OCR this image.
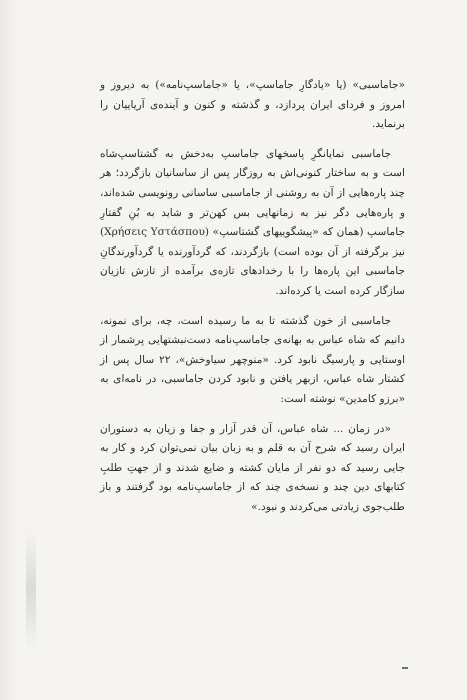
«جاماسبی» (یا «یادگارِ جاماسپ»، یا «جاماسپ‌نامه») به دیروز و امروز و فردای ایران پردازد، و گذشته و کنون و آینده‌ی آریاییان را برنماید.

جاماسبی نمایانگرِ پاسخهای جاماسپ به‌دخش به گشتاسپ‌شاه است و به ساختار کنونی‌اش به روزگار پس از ساسانیان بازگردد؛ هر چند پاره‌هایی از آن به روشنی از جاماسبی ساسانی رونویسی شده‌اند، و پاره‌هایی دگر نیز به زمانهایی بس کهن‌تر و شاید به بُنِ گفتارِ جاماسپ (همان که «پیشگوییهای گشتاسپ» (Χρήσεις Υστάσπου) نیز برگرفته از آن بوده است) بازگردند، که گردآورنده یا گردآورندگانِ جاماسبی این پاره‌ها را با رخدادهای تازه‌ی برآمده از تازش تازیان سازگار کرده است یا کرده‌اند.

جاماسبی از خون گذشته تا به ما رسیده است، چه، برای نمونه، دانیم که شاه عباس به بهانه‌ی جاماسپ‌نامه دست‌نبشتهایی پرشمار از اوستایی و پارسیگ نابود کرد. «منوچهر سیاوخش»، ۲۲ سال پس از کشتار شاه عباس، ازبهر یافتن و نابود کردن جاماسبی، در نامه‌ای به «برزو کامدین» نوشته است:

«در زمان ... شاه عباس، آن قدر آزار و جفا و زیان به دستوران ایران رسید که شرح آن به قلم و به زبان بیان نمی‌توان کرد و کار به جایی رسید که دو نفر از مایان کشته و ضایع شدند و از جهتِ طلبِ کتابهای دین چند و نسخه‌ی چند که از جاماسپ‌نامه بود گرفتند و باز طلب‌جوی زیادتی می‌کردند و نبود.»
